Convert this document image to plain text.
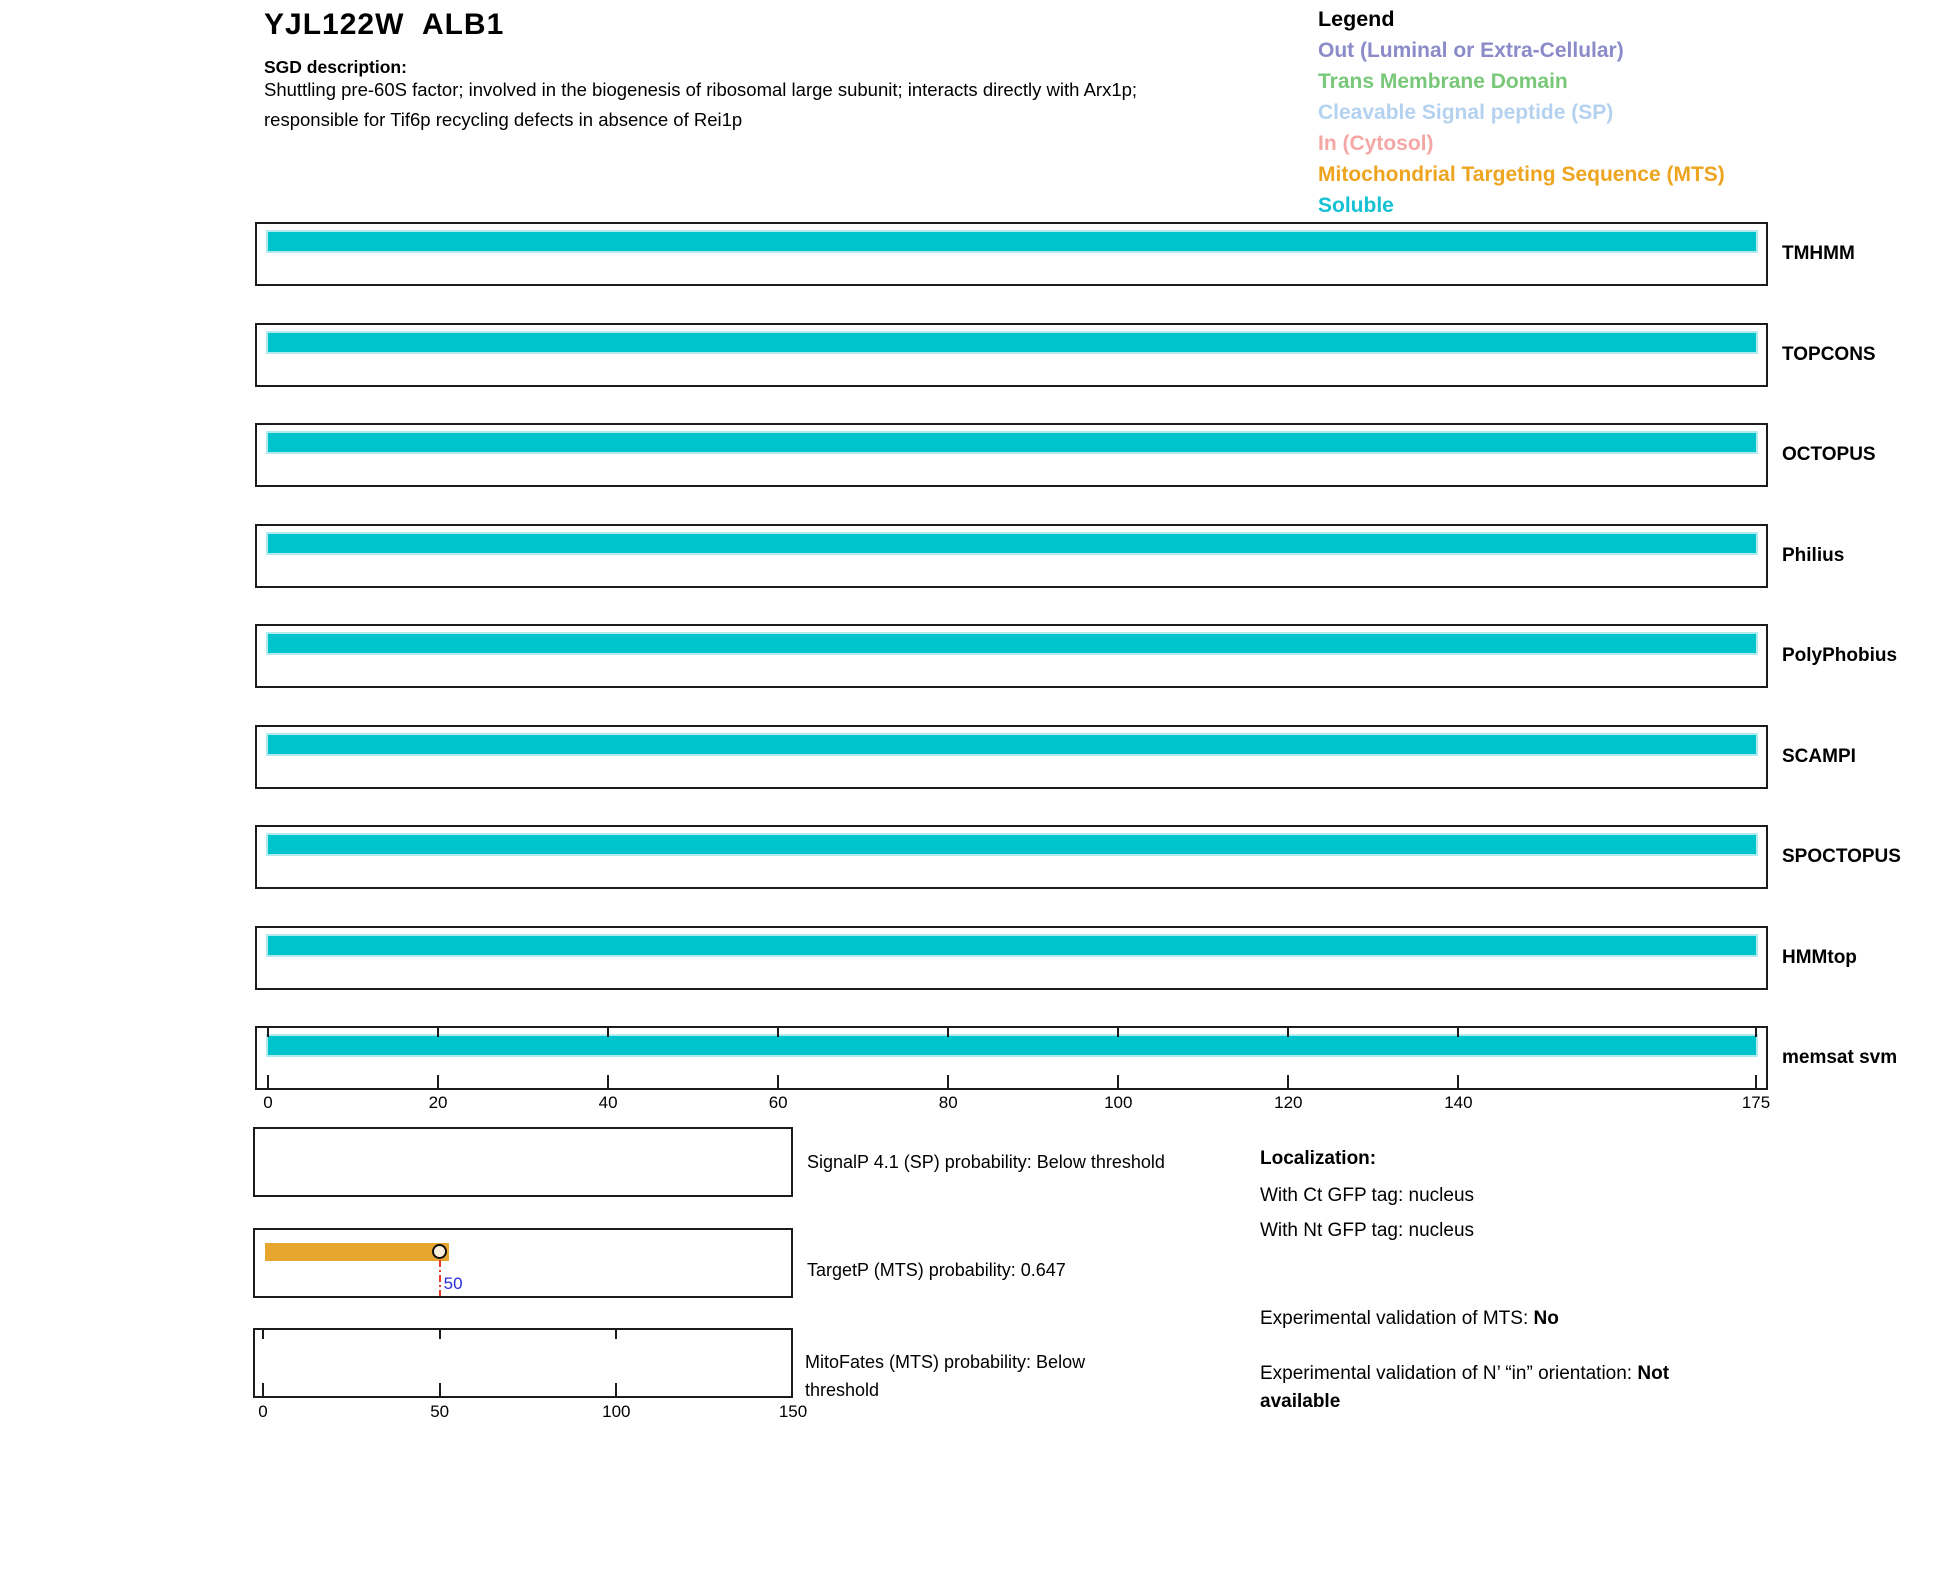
YJL122W  ALB1
SGD description:
Shuttling pre-60S factor; involved in the biogenesis of ribosomal large subunit; interacts directly with Arx1p;
responsible for Tif6p recycling defects in absence of Rei1p
Legend
Out (Luminal or Extra-Cellular)
Trans Membrane Domain
Cleavable Signal peptide (SP)
In (Cytosol)
Mitochondrial Targeting Sequence (MTS)
Soluble
TMHMM
TOPCONS
OCTOPUS
Philius
PolyPhobius
SCAMPI
SPOCTOPUS
HMMtop
memsat svm
0	20	40	60	80	100	120	140	175
SignalP 4.1 (SP) probability: Below threshold
50
TargetP (MTS) probability: 0.647
MitoFates (MTS) probability: Below
threshold
0	50	100	150
Localization:
With Ct GFP tag: nucleus
With Nt GFP tag: nucleus
Experimental validation of MTS: No
Experimental validation of N’ “in” orientation: Not available
